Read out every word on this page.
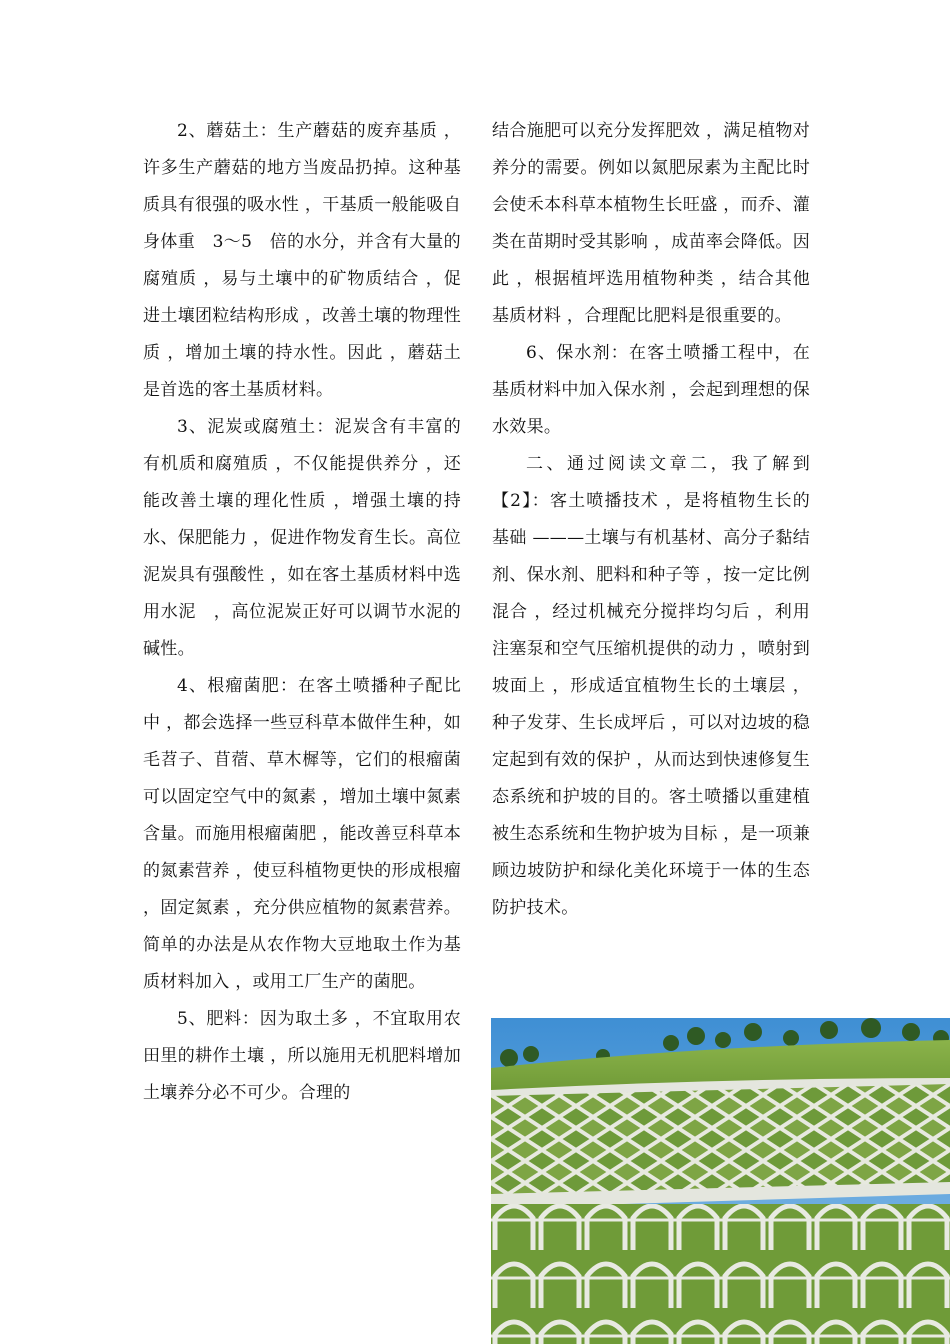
2、蘑菇土：生产蘑菇的废弃基质 ，许多生产蘑菇的地方当废品扔掉。这种基质具有很强的吸水性 ，干基质一般能吸自身体重　3～5　倍的水分，并含有大量的腐殖质 ，易与土壤中的矿物质结合 ，促进土壤团粒结构形成 ，改善土壤的物理性质 ，增加土壤的持水性。因此 ，蘑菇土是首选的客土基质材料。

3、泥炭或腐殖土：泥炭含有丰富的有机质和腐殖质 ，不仅能提供养分 ，还能改善土壤的理化性质 ，增强土壤的持水、保肥能力 ，促进作物发育生长。高位泥炭具有强酸性 ，如在客土基质材料中选用水泥　，高位泥炭正好可以调节水泥的碱性。

4、根瘤菌肥：在客土喷播种子配比中 ，都会选择一些豆科草本做伴生种，如毛苕子、苜蓿、草木樨等，它们的根瘤菌可以固定空气中的氮素 ，增加土壤中氮素含量。而施用根瘤菌肥 ，能改善豆科草本的氮素营养 ，使豆科植物更快的形成根瘤 ，固定氮素 ，充分供应植物的氮素营养。简单的办法是从农作物大豆地取土作为基质材料加入 ，或用工厂生产的菌肥。

5、肥料：因为取土多 ，不宜取用农田里的耕作土壤 ，所以施用无机肥料增加土壤养分必不可少。合理的

结合施肥可以充分发挥肥效 ，满足植物对养分的需要。例如以氮肥尿素为主配比时会使禾本科草本植物生长旺盛 ，而乔、灌类在苗期时受其影响 ，成苗率会降低。因此 ，根据植坪选用植物种类 ，结合其他基质材料 ，合理配比肥料是很重要的。

6、保水剂：在客土喷播工程中，在基质材料中加入保水剂 ，会起到理想的保水效果。

二、通过阅读文章二，我了解到【2】：客土喷播技术 ，是将植物生长的基础 ———土壤与有机基材、高分子黏结剂、保水剂、肥料和种子等 ，按一定比例混合 ，经过机械充分搅拌均匀后 ，利用注塞泵和空气压缩机提供的动力 ，喷射到坡面上 ，形成适宜植物生长的土壤层 ，种子发芽、生长成坪后 ，可以对边坡的稳定起到有效的保护 ，从而达到快速修复生态系统和护坡的目的。客土喷播以重建植被生态系统和生物护坡为目标 ，是一项兼顾边坡防护和绿化美化环境于一体的生态防护技术。
